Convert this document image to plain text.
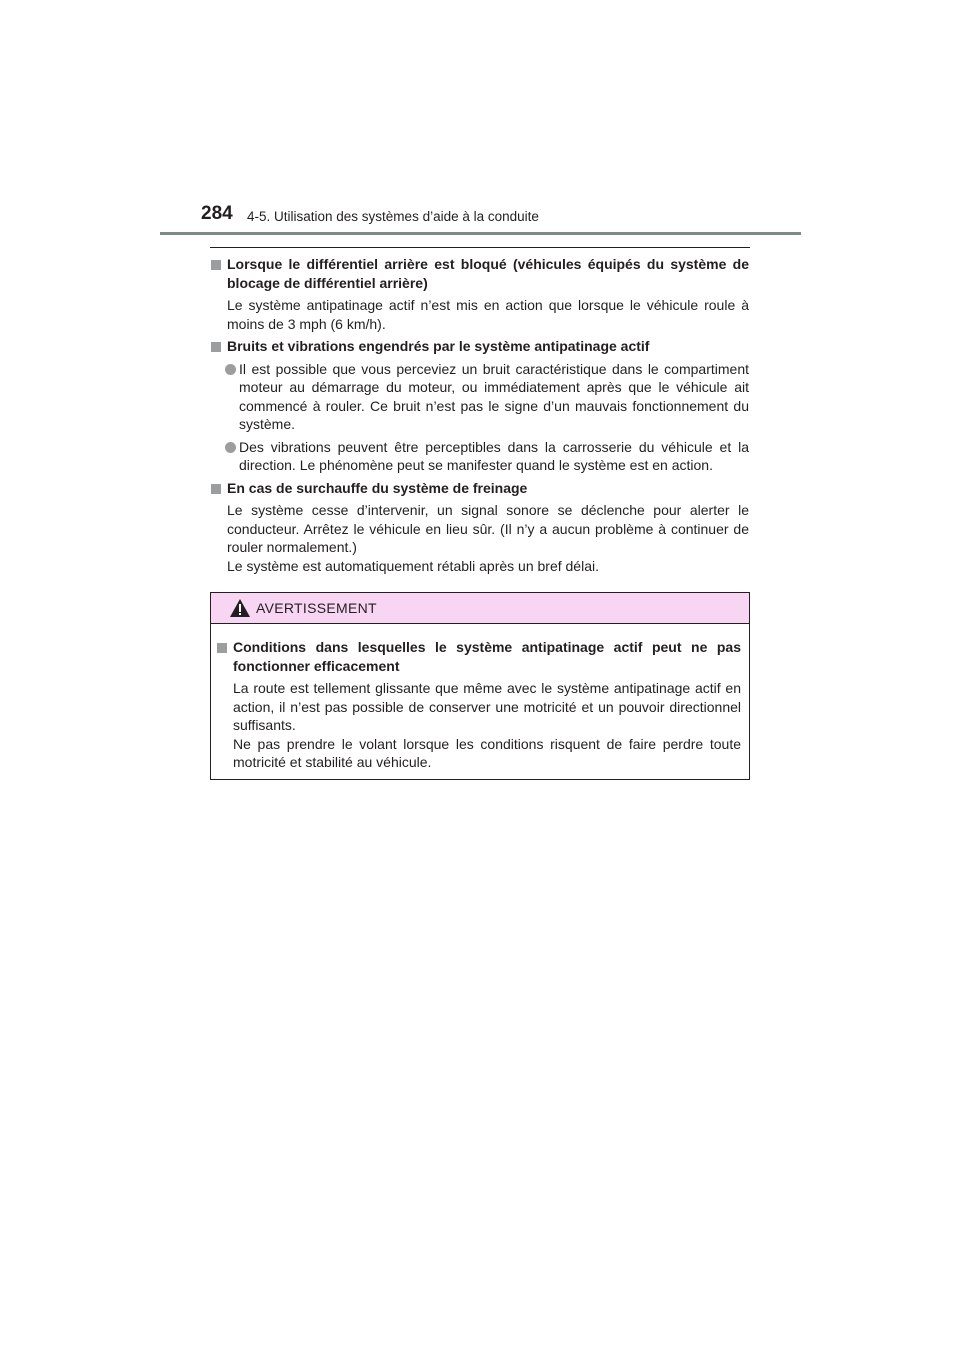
284 4-5. Utilisation des systèmes d’aide à la conduite
Lorsque le différentiel arrière est bloqué (véhicules équipés du système de blocage de différentiel arrière)
Le système antipatinage actif n’est mis en action que lorsque le véhicule roule à moins de 3 mph (6 km/h).
Bruits et vibrations engendrés par le système antipatinage actif
Il est possible que vous perceviez un bruit caractéristique dans le compartiment moteur au démarrage du moteur, ou immédiatement après que le véhicule ait commencé à rouler. Ce bruit n’est pas le signe d’un mauvais fonctionnement du système.
Des vibrations peuvent être perceptibles dans la carrosserie du véhicule et la direction. Le phénomène peut se manifester quand le système est en action.
En cas de surchauffe du système de freinage
Le système cesse d’intervenir, un signal sonore se déclenche pour alerter le conducteur. Arrêtez le véhicule en lieu sûr. (Il n’y a aucun problème à continuer de rouler normalement.)
Le système est automatiquement rétabli après un bref délai.
AVERTISSEMENT
Conditions dans lesquelles le système antipatinage actif peut ne pas fonctionner efficacement
La route est tellement glissante que même avec le système antipatinage actif en action, il n’est pas possible de conserver une motricité et un pouvoir directionnel suffisants.
Ne pas prendre le volant lorsque les conditions risquent de faire perdre toute motricité et stabilité au véhicule.
